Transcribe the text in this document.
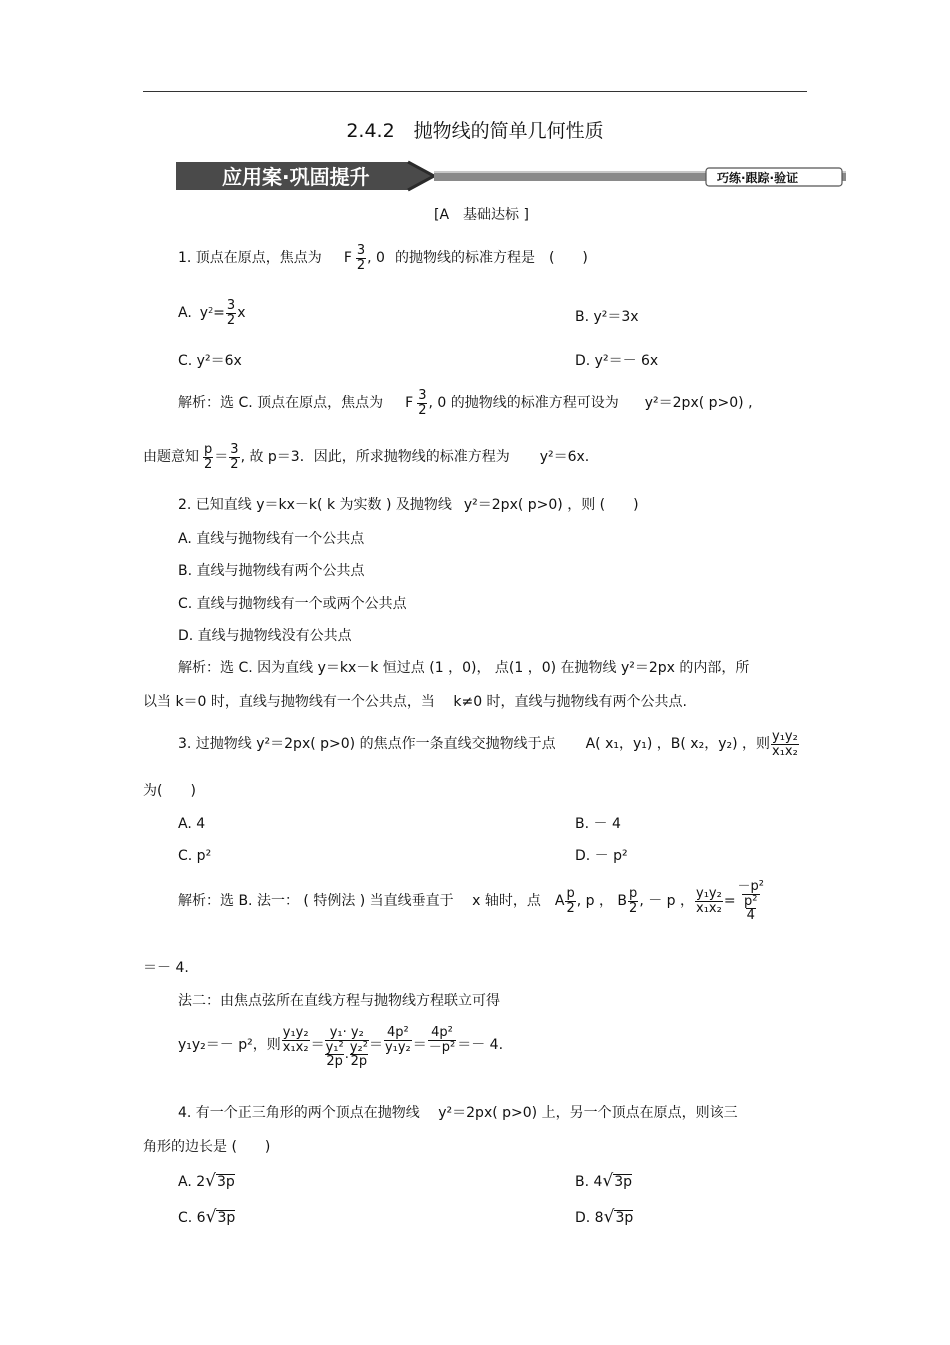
2.4.2　抛物线的简单几何性质
应用案·巩固提升	巧练·跟踪·验证
[A　基础达标 ]
1. 顶点在原点，焦点为 F $\frac{3}{2}$ , 0 的抛物线的标准方程是　(　　)
A. $y^2 = \frac{3}{2}$ x	B. y²＝3x
C. y²＝6x	D. y²＝－ 6x
解析：选 C. 顶点在原点，焦点为 F $\frac{3}{2}$ , 0 的抛物线的标准方程可设为 y²＝2px( p>0) ,
由题意知 $\frac{p}{2} = \frac{3}{2}$ , 故 p＝3．因此，所求抛物线的标准方程为 y²＝6x.
2. 已知直线 y＝kx－k( k 为实数 ) 及抛物线 y²＝2px( p>0) ，则 (　　)
A. 直线与抛物线有一个公共点
B. 直线与抛物线有两个公共点
C. 直线与抛物线有一个或两个公共点
D. 直线与抛物线没有公共点
解析：选 C. 因为直线 y＝kx－k 恒过点 (1 ，0)， 点(1 ，0) 在抛物线 y²＝2px 的内部，所
以当 k＝0 时，直线与抛物线有一个公共点，当　 k≠0 时，直线与抛物线有两个公共点.
3. 过抛物线 y²＝2px( p>0) 的焦点作一条直线交抛物线于点 A( x₁，y₁) ，B( x₂，y₂) ，则 $\frac{\text{y₁y₂}}{\text{x₁x₂}}$
为(　　)
A. 4	B. － 4
C. p²	D. － p²
解析：选 B. 法一： ( 特例法 ) 当直线垂直于　 x 轴时，点 A $\frac{p}{2}$ , p ， B $\frac{p}{2}$ , － p ， $\frac{\text{y₁y₂}}{\text{x₁x₂}} = \frac{\text{－p²}}{\frac{\text{p²}}{4}}$
＝－ 4.
法二：由焦点弦所在直线方程与抛物线方程联立可得
y₁y₂＝－ p²，则 $\frac{\text{y₁y₂}}{\text{x₁x₂}}$ ＝
y₁· y₂
$\frac{\text{y₁²}}{2p}$ . $\frac{\text{y₂²}}{2p} = \frac{\text{4p²}}{\text{y₁y₂}} = \frac{\text{4p²}}{\text{－p²}} =- 4$.
4. 有一个正三角形的两个顶点在抛物线　 y²＝2px( p>0) 上，另一个顶点在原点，则该三
角形的边长是 (　　)
A. 2 √ 3p	B. 4 √ 3p
C. 6 √ 3p	D. 8 √ 3p
